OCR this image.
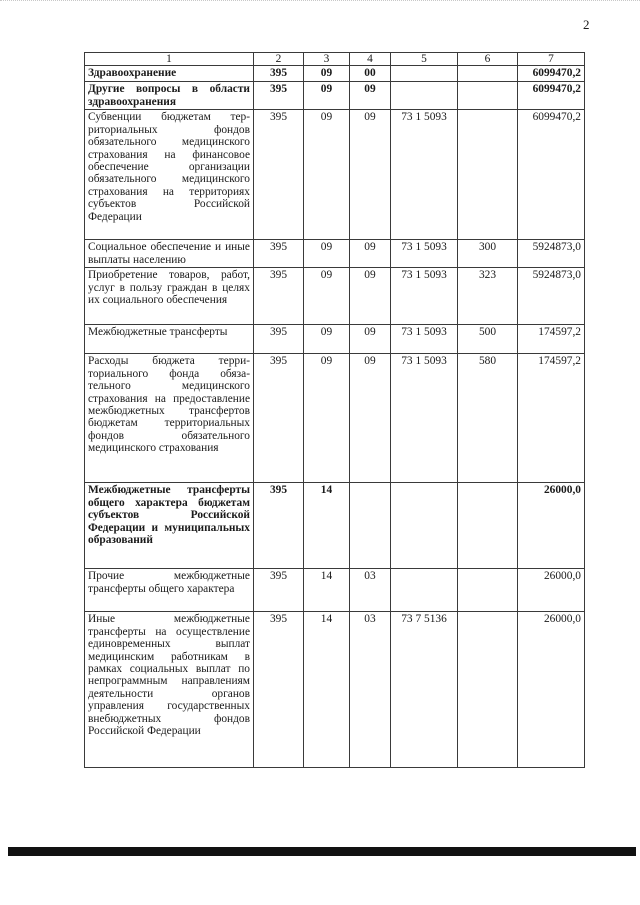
2
1	2	3	4	5	6	7
Здравоохранение	395	09	00			6099470,2
Другие вопросы в области здравоохранения	395	09	09			6099470,2
Субвенции бюджетам территориальных фондов обязательного медицинского страхования на финансовое обеспечение организации обязательного медицинского страхования на территориях субъектов Российской Федерации	395	09	09	73 1 5093		6099470,2
Социальное обеспечение и иные выплаты населению	395	09	09	73 1 5093	300	5924873,0
Приобретение товаров, работ, услуг в пользу граждан в целях их социального обеспечения	395	09	09	73 1 5093	323	5924873,0
Межбюджетные трансферты	395	09	09	73 1 5093	500	174597,2
Расходы бюджета территориального фонда обязательного медицинского страхования на предоставление межбюджетных трансфертов бюджетам территориальных фондов обязательного медицинского страхования	395	09	09	73 1 5093	580	174597,2
Межбюджетные трансферты общего характера бюджетам субъектов Российской Федерации и муниципальных образований	395	14				26000,0
Прочие межбюджетные трансферты общего характера	395	14	03			26000,0
Иные межбюджетные трансферты на осуществление единовременных выплат медицинским работникам в рамках социальных выплат по непрограммным направлениям деятельности органов управления государственных внебюджетных фондов Российской Федерации	395	14	03	73 7 5136		26000,0
